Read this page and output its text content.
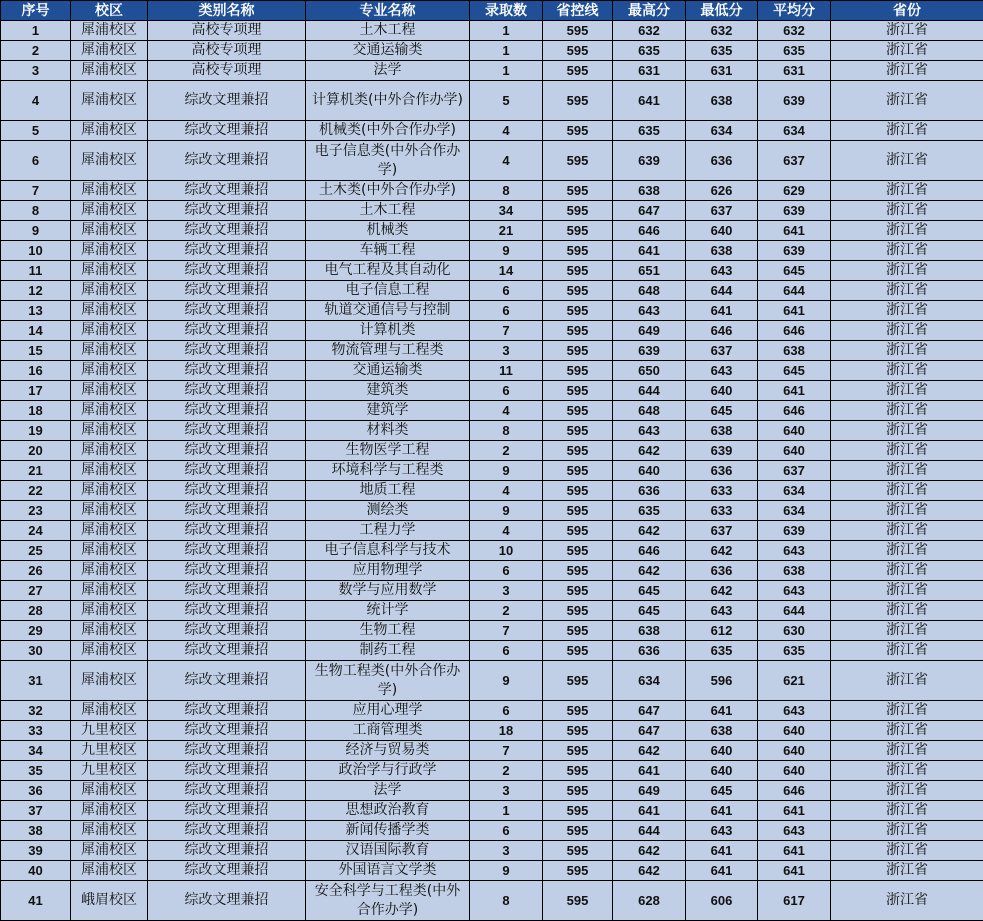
序号	校区	类别名称	专业名称	录取数	省控线	最高分	最低分	平均分	省份
1	犀浦校区	高校专项理	土木工程	1	595	632	632	632	浙江省
2	犀浦校区	高校专项理	交通运输类	1	595	635	635	635	浙江省
3	犀浦校区	高校专项理	法学	1	595	631	631	631	浙江省
4	犀浦校区	综改文理兼招	计算机类(中外合作办学)	5	595	641	638	639	浙江省
5	犀浦校区	综改文理兼招	机械类(中外合作办学)	4	595	635	634	634	浙江省
6	犀浦校区	综改文理兼招	电子信息类(中外合作办学)	4	595	639	636	637	浙江省
7	犀浦校区	综改文理兼招	土木类(中外合作办学)	8	595	638	626	629	浙江省
8	犀浦校区	综改文理兼招	土木工程	34	595	647	637	639	浙江省
9	犀浦校区	综改文理兼招	机械类	21	595	646	640	641	浙江省
10	犀浦校区	综改文理兼招	车辆工程	9	595	641	638	639	浙江省
11	犀浦校区	综改文理兼招	电气工程及其自动化	14	595	651	643	645	浙江省
12	犀浦校区	综改文理兼招	电子信息工程	6	595	648	644	644	浙江省
13	犀浦校区	综改文理兼招	轨道交通信号与控制	6	595	643	641	641	浙江省
14	犀浦校区	综改文理兼招	计算机类	7	595	649	646	646	浙江省
15	犀浦校区	综改文理兼招	物流管理与工程类	3	595	639	637	638	浙江省
16	犀浦校区	综改文理兼招	交通运输类	11	595	650	643	645	浙江省
17	犀浦校区	综改文理兼招	建筑类	6	595	644	640	641	浙江省
18	犀浦校区	综改文理兼招	建筑学	4	595	648	645	646	浙江省
19	犀浦校区	综改文理兼招	材料类	8	595	643	638	640	浙江省
20	犀浦校区	综改文理兼招	生物医学工程	2	595	642	639	640	浙江省
21	犀浦校区	综改文理兼招	环境科学与工程类	9	595	640	636	637	浙江省
22	犀浦校区	综改文理兼招	地质工程	4	595	636	633	634	浙江省
23	犀浦校区	综改文理兼招	测绘类	9	595	635	633	634	浙江省
24	犀浦校区	综改文理兼招	工程力学	4	595	642	637	639	浙江省
25	犀浦校区	综改文理兼招	电子信息科学与技术	10	595	646	642	643	浙江省
26	犀浦校区	综改文理兼招	应用物理学	6	595	642	636	638	浙江省
27	犀浦校区	综改文理兼招	数学与应用数学	3	595	645	642	643	浙江省
28	犀浦校区	综改文理兼招	统计学	2	595	645	643	644	浙江省
29	犀浦校区	综改文理兼招	生物工程	7	595	638	612	630	浙江省
30	犀浦校区	综改文理兼招	制药工程	6	595	636	635	635	浙江省
31	犀浦校区	综改文理兼招	生物工程类(中外合作办学)	9	595	634	596	621	浙江省
32	犀浦校区	综改文理兼招	应用心理学	6	595	647	641	643	浙江省
33	九里校区	综改文理兼招	工商管理类	18	595	647	638	640	浙江省
34	九里校区	综改文理兼招	经济与贸易类	7	595	642	640	640	浙江省
35	九里校区	综改文理兼招	政治学与行政学	2	595	641	640	640	浙江省
36	犀浦校区	综改文理兼招	法学	3	595	649	645	646	浙江省
37	犀浦校区	综改文理兼招	思想政治教育	1	595	641	641	641	浙江省
38	犀浦校区	综改文理兼招	新闻传播学类	6	595	644	643	643	浙江省
39	犀浦校区	综改文理兼招	汉语国际教育	3	595	642	641	641	浙江省
40	犀浦校区	综改文理兼招	外国语言文学类	9	595	642	641	641	浙江省
41	峨眉校区	综改文理兼招	安全科学与工程类(中外合作办学)	8	595	628	606	617	浙江省
